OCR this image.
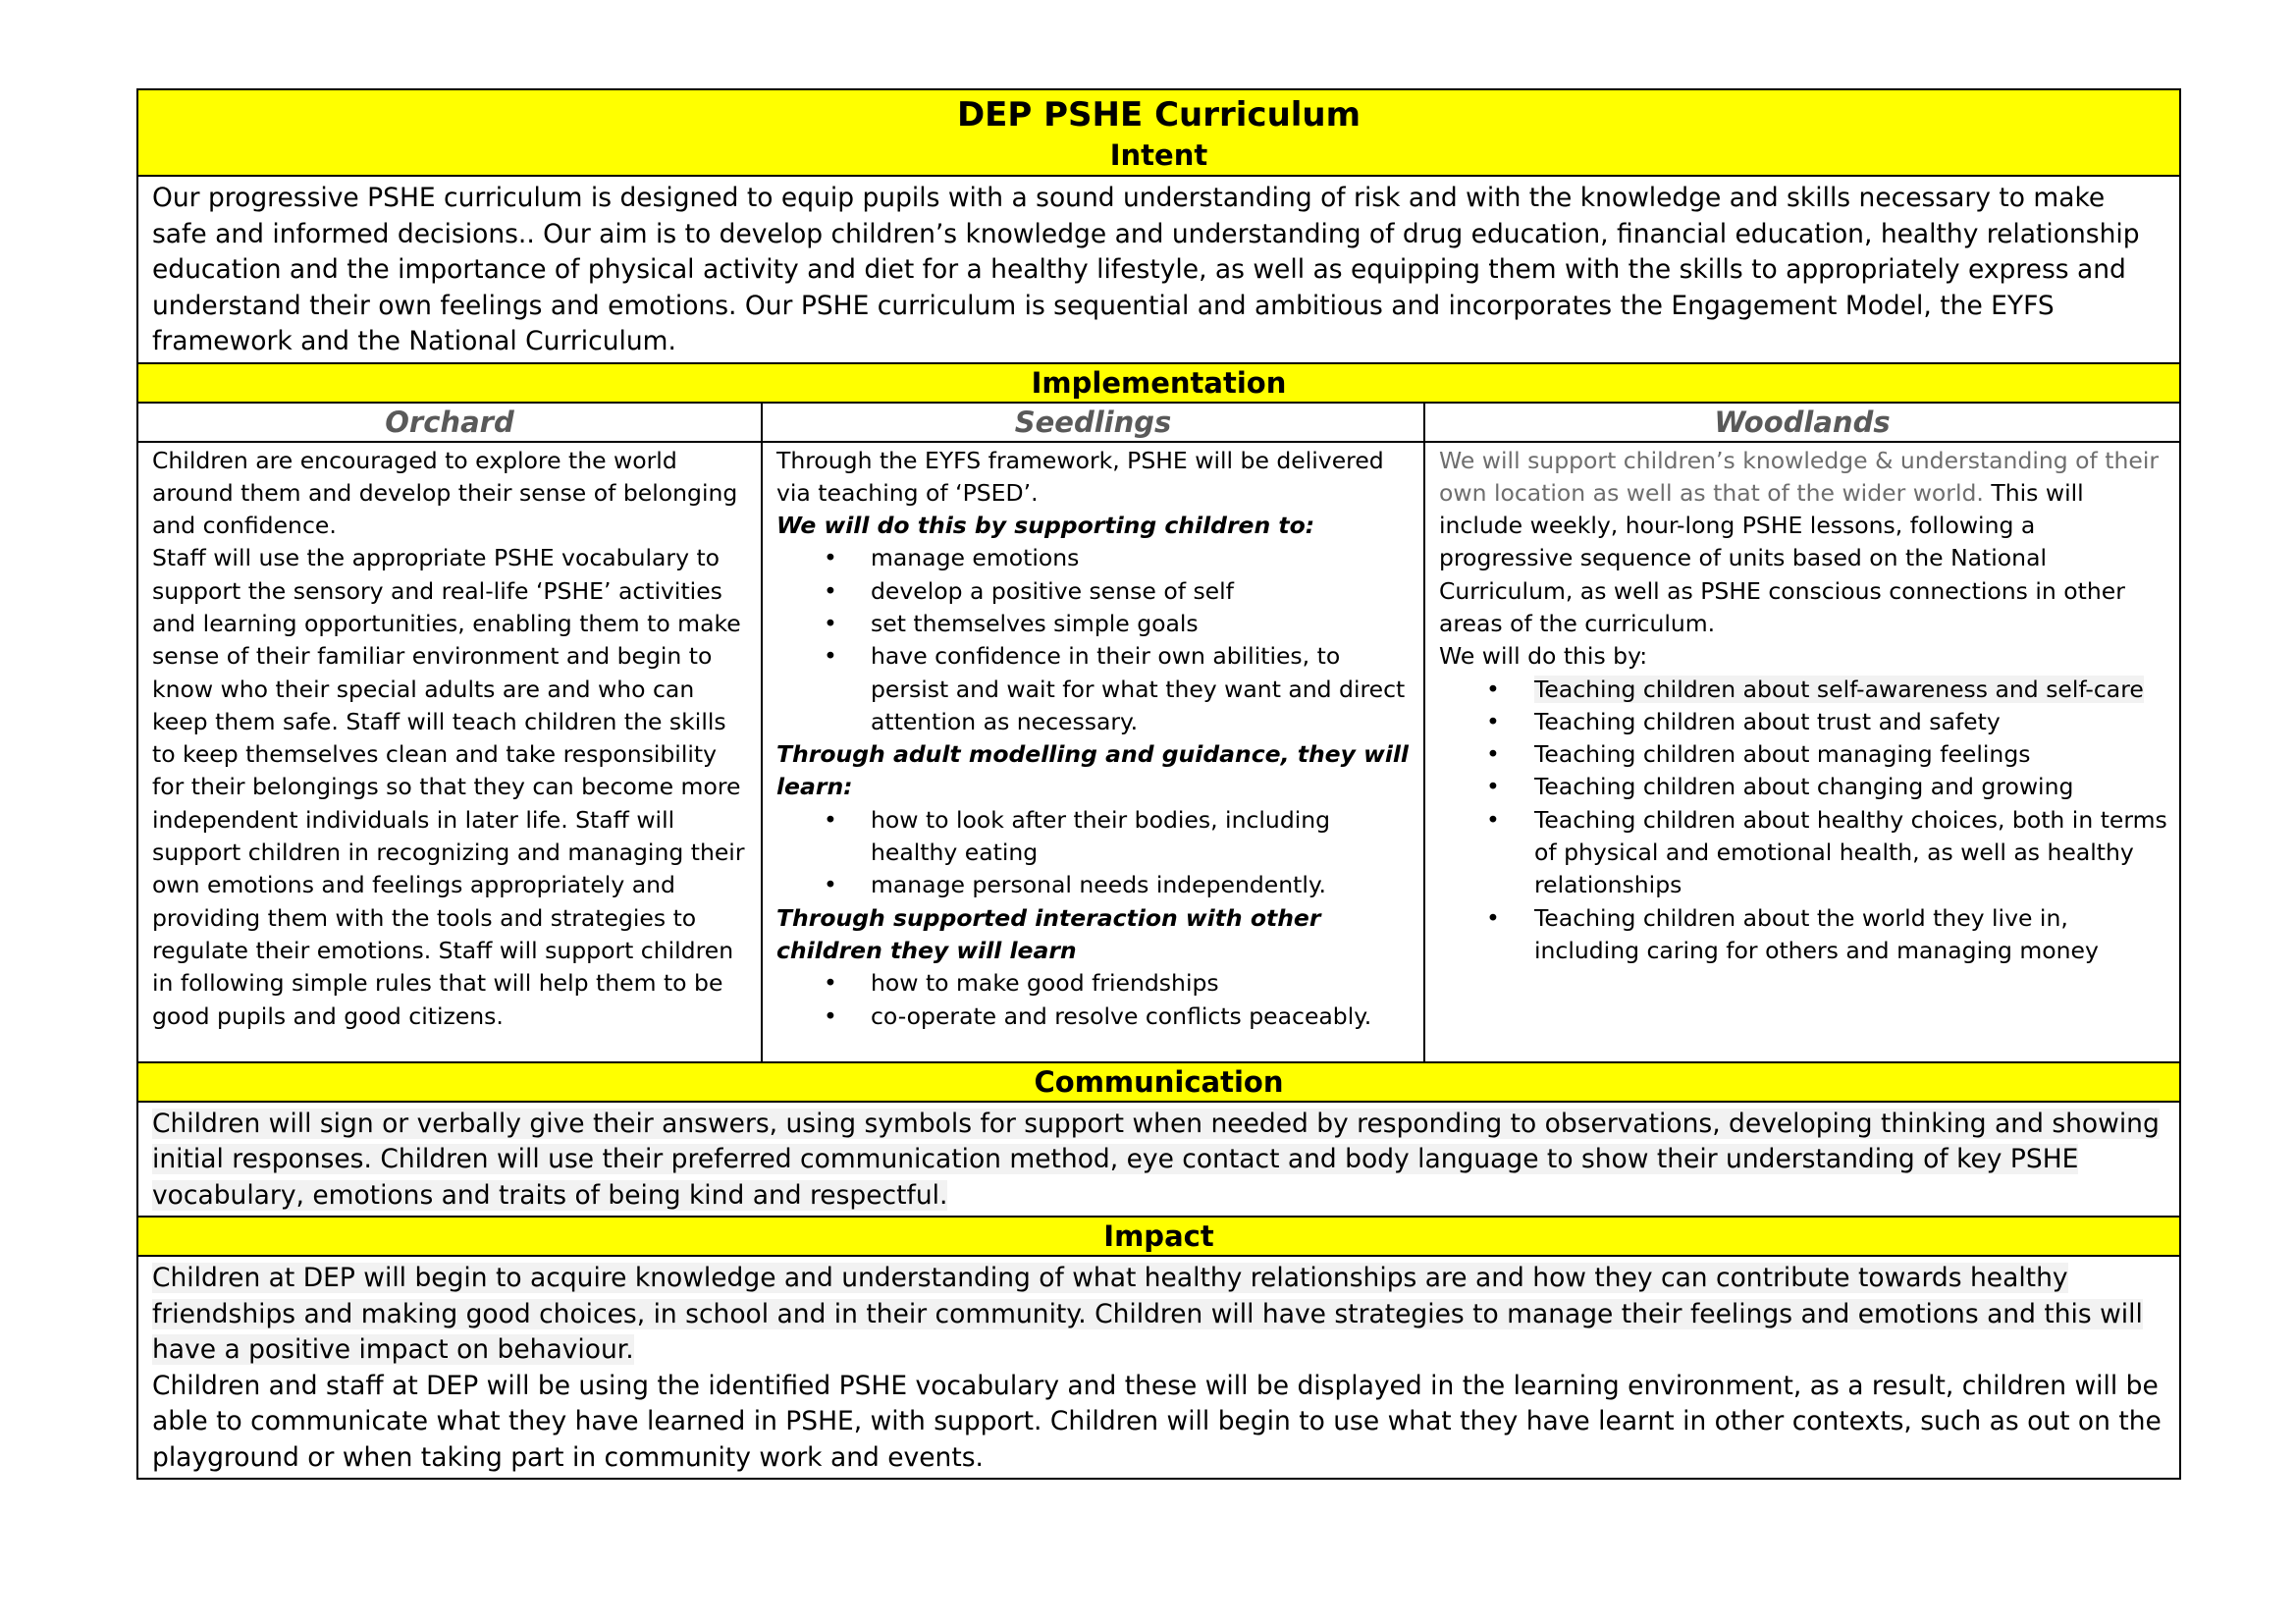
DEP PSHE Curriculum
Intent

Our progressive PSHE curriculum is designed to equip pupils with a sound understanding of risk and with the knowledge and skills necessary to make safe and informed decisions.. Our aim is to develop children’s knowledge and understanding of drug education, financial education, healthy relationship education and the importance of physical activity and diet for a healthy lifestyle, as well as equipping them with the skills to appropriately express and understand their own feelings and emotions. Our PSHE curriculum is sequential and ambitious and incorporates the Engagement Model, the EYFS framework and the National Curriculum.

Implementation
Orchard	Seedlings	Woodlands

Children are encouraged to explore the world around them and develop their sense of belonging and confidence.

Staff will use the appropriate PSHE vocabulary to support the sensory and real-life ‘PSHE’ activities and learning opportunities, enabling them to make sense of their familiar environment and begin to know who their special adults are and who can keep them safe. Staff will teach children the skills to keep themselves clean and take responsibility for their belongings so that they can become more independent individuals in later life. Staff will support children in recognizing and managing their own emotions and feelings appropriately and providing them with the tools and strategies to regulate their emotions. Staff will support children in following simple rules that will help them to be good pupils and good citizens.

Through the EYFS framework, PSHE will be delivered via teaching of ‘PSED’.

We will do this by supporting children to:

• manage emotions
• develop a positive sense of self
• set themselves simple goals
• have confidence in their own abilities, to persist and wait for what they want and direct attention as necessary.

Through adult modelling and guidance, they will learn:

• how to look after their bodies, including healthy eating
• manage personal needs independently.

Through supported interaction with other children they will learn

• how to make good friendships
• co-operate and resolve conflicts peaceably.

We will support children’s knowledge & understanding of their own location as well as that of the wider world. This will include weekly, hour-long PSHE lessons, following a progressive sequence of units based on the National Curriculum, as well as PSHE conscious connections in other areas of the curriculum.

We will do this by:

• Teaching children about self-awareness and self-care
• Teaching children about trust and safety
• Teaching children about managing feelings
• Teaching children about changing and growing
• Teaching children about healthy choices, both in terms of physical and emotional health, as well as healthy relationships
• Teaching children about the world they live in, including caring for others and managing money
Communication

Children will sign or verbally give their answers, using symbols for support when needed by responding to observations, developing thinking and showing initial responses. Children will use their preferred communication method, eye contact and body language to show their understanding of key PSHE vocabulary, emotions and traits of being kind and respectful.

Impact

Children at DEP will begin to acquire knowledge and understanding of what healthy relationships are and how they can contribute towards healthy friendships and making good choices, in school and in their community. Children will have strategies to manage their feelings and emotions and this will have a positive impact on behaviour.

Children and staff at DEP will be using the identified PSHE vocabulary and these will be displayed in the learning environment, as a result, children will be able to communicate what they have learned in PSHE, with support. Children will begin to use what they have learnt in other contexts, such as out on the playground or when taking part in community work and events.
